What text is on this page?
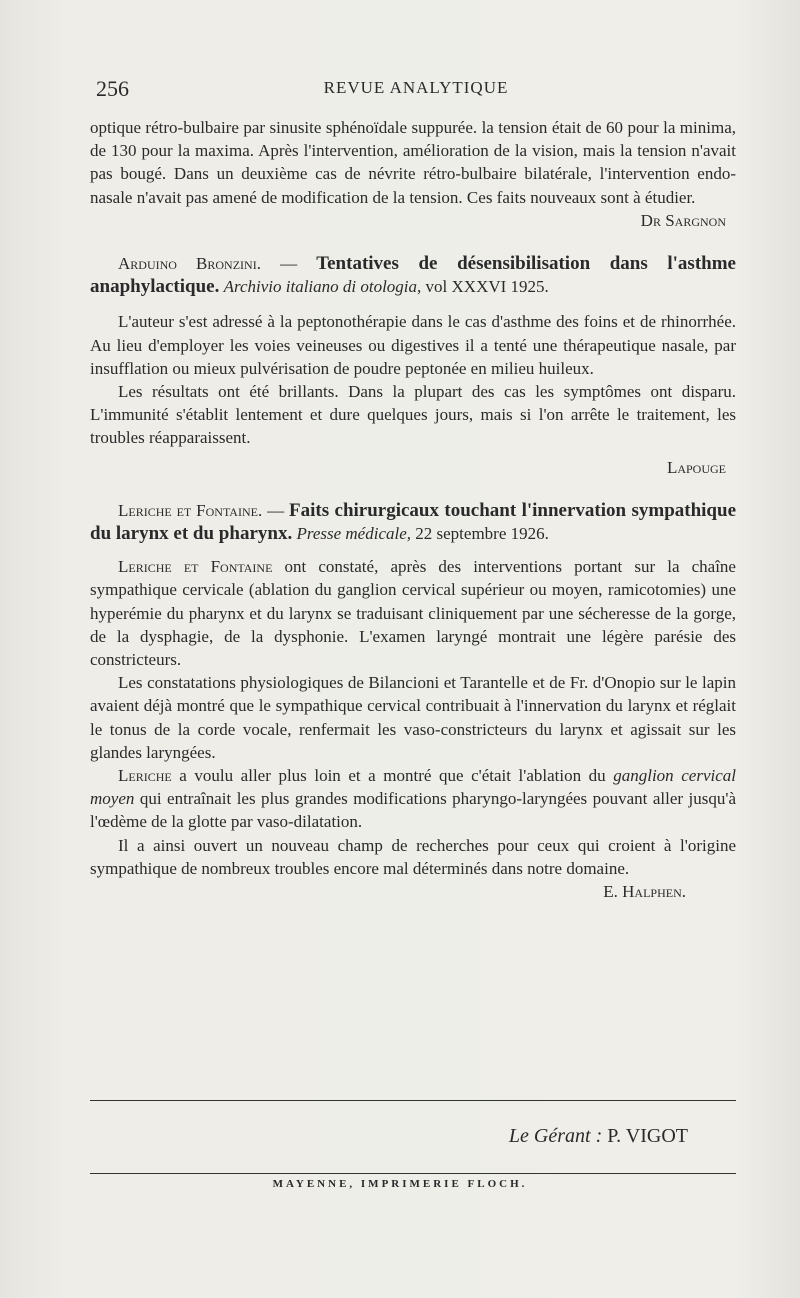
256	REVUE ANALYTIQUE

optique rétro-bulbaire par sinusite sphénoïdale suppurée. la tension était de 60 pour la minima, de 130 pour la maxima. Après l'intervention, amélioration de la vision, mais la tension n'avait pas bougé. Dans un deuxième cas de névrite rétro-bulbaire bilatérale, l'intervention endo-nasale n'avait pas amené de modification de la tension. Ces faits nouveaux sont à étudier.

Dr Sargnon

Arduino Bronzini. — Tentatives de désensibilisation dans l'asthme anaphylactique. Archivio italiano di otologia, vol XXXVI 1925.

L'auteur s'est adressé à la peptonothérapie dans le cas d'asthme des foins et de rhinorrhée. Au lieu d'employer les voies veineuses ou digestives il a tenté une thérapeutique nasale, par insufflation ou mieux pulvérisation de poudre peptonée en milieu huileux.

Les résultats ont été brillants. Dans la plupart des cas les symptômes ont disparu. L'immunité s'établit lentement et dure quelques jours, mais si l'on arrête le traitement, les troubles réapparaissent.

Lapouge

Leriche et Fontaine. — Faits chirurgicaux touchant l'innervation sympathique du larynx et du pharynx. Presse médicale, 22 septembre 1926.

Leriche et Fontaine ont constaté, après des interventions portant sur la chaîne sympathique cervicale (ablation du ganglion cervical supérieur ou moyen, ramicotomies) une hyperémie du pharynx et du larynx se traduisant cliniquement par une sécheresse de la gorge, de la dysphagie, de la dysphonie. L'examen laryngé montrait une légère parésie des constricteurs.

Les constatations physiologiques de Bilancioni et Tarantelle et de Fr. d'Onopio sur le lapin avaient déjà montré que le sympathique cervical contribuait à l'innervation du larynx et réglait le tonus de la corde vocale, renfermait les vaso-constricteurs du larynx et agissait sur les glandes laryngées.

Leriche a voulu aller plus loin et a montré que c'était l'ablation du ganglion cervical moyen qui entraînait les plus grandes modifications pharyngo-laryngées pouvant aller jusqu'à l'œdème de la glotte par vaso-dilatation.

Il a ainsi ouvert un nouveau champ de recherches pour ceux qui croient à l'origine sympathique de nombreux troubles encore mal déterminés dans notre domaine.
E. Halphen.

Le Gérant : P. VIGOT
MAYENNE, IMPRIMERIE FLOCH.
